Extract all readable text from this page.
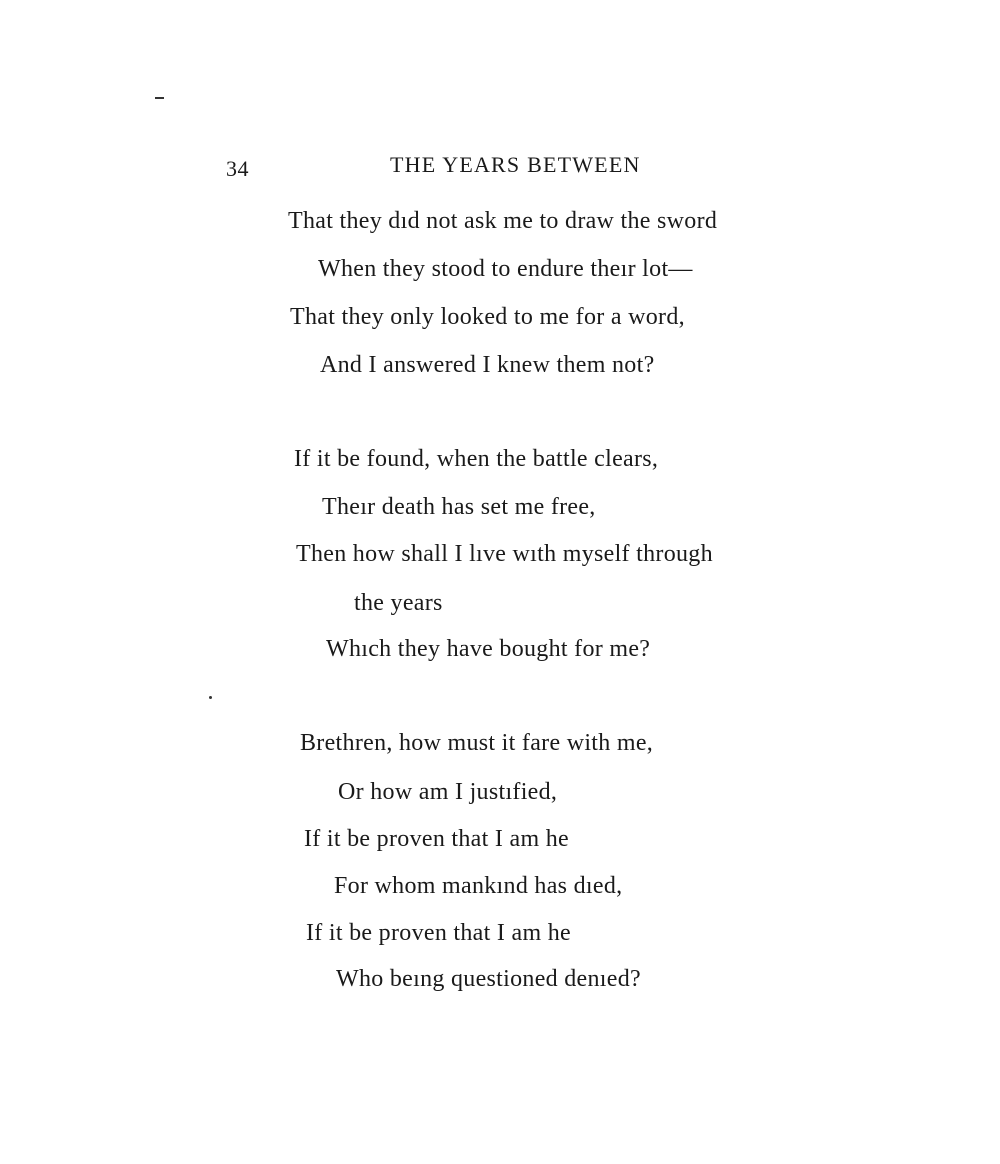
34	THE YEARS BETWEEN
That they dıd not ask me to draw the sword
When they stood to endure theır lot—
That they only looked to me for a word,
And I answered I knew them not?
If it be found, when the battle clears,
Theır death has set me free,
Then how shall I lıve wıth myself through
the years
Whıch they have bought for me?
Brethren, how must it fare with me,
Or how am I justıfied,
If it be proven that I am he
For whom mankınd has dıed,
If it be proven that I am he
Who beıng questioned denıed?
